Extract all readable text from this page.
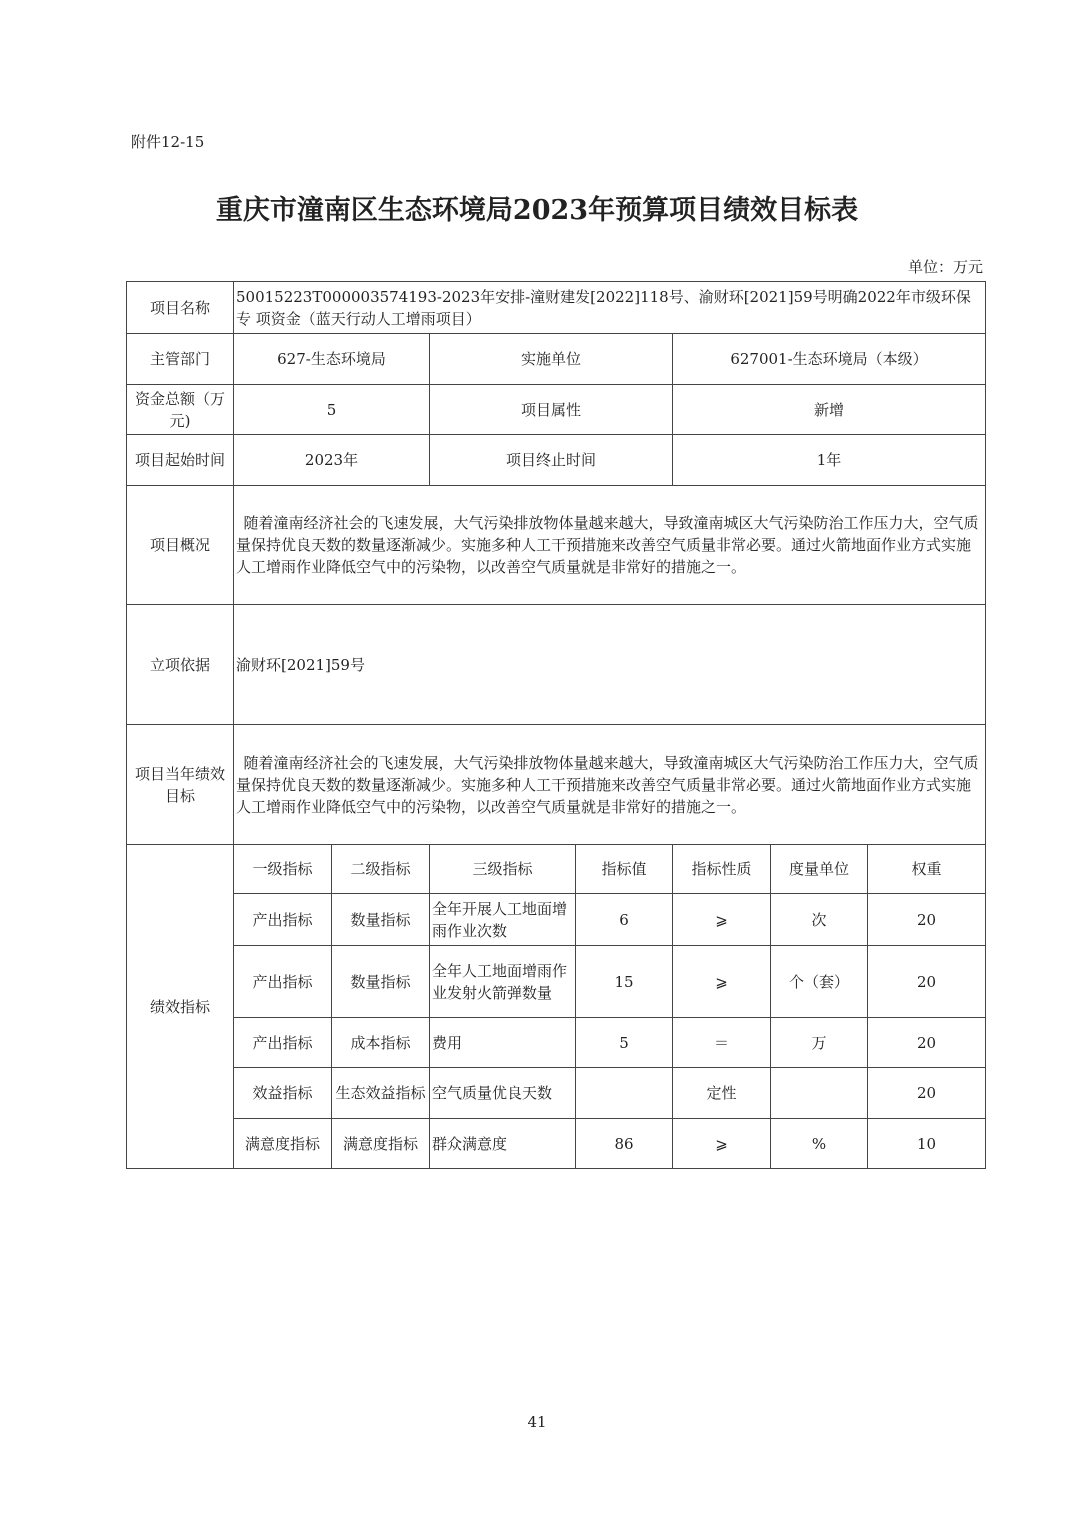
附件12-15
重庆市潼南区生态环境局2023年预算项目绩效目标表
单位：万元
项目名称	50015223T000003574193-2023年安排-潼财建发[2022]118号、渝财环[2021]59号明确2022年市级环保专 项资金（蓝天行动人工增雨项目）						
主管部门	627-生态环境局		实施单位		627001-生态环境局（本级）		
资金总额（万元)	5		项目属性		新增		
项目起始时间	2023年		项目终止时间		1年		
项目概况	随着潼南经济社会的飞速发展，大气污染排放物体量越来越大，导致潼南城区大气污染防治工作压力大，空气质量保持优良天数的数量逐渐减少。实施多种人工干预措施来改善空气质量非常必要。通过火箭地面作业方式实施人工增雨作业降低空气中的污染物，以改善空气质量就是非常好的措施之一。						
立项依据	渝财环[2021]59号						
项目当年绩效目标	随着潼南经济社会的飞速发展，大气污染排放物体量越来越大，导致潼南城区大气污染防治工作压力大，空气质量保持优良天数的数量逐渐减少。实施多种人工干预措施来改善空气质量非常必要。通过火箭地面作业方式实施人工增雨作业降低空气中的污染物，以改善空气质量就是非常好的措施之一。						
绩效指标	一级指标	二级指标	三级指标	指标值	指标性质	度量单位	权重
	产出指标	数量指标	全年开展人工地面增雨作业次数	6	⩾	次	20
	产出指标	数量指标	全年人工地面增雨作业发射火箭弹数量	15	⩾	个（套）	20
	产出指标	成本指标	费用	5	＝	万	20
	效益指标	生态效益指标	空气质量优良天数		定性		20
	满意度指标	满意度指标	群众满意度	86	⩾	%	10
41
